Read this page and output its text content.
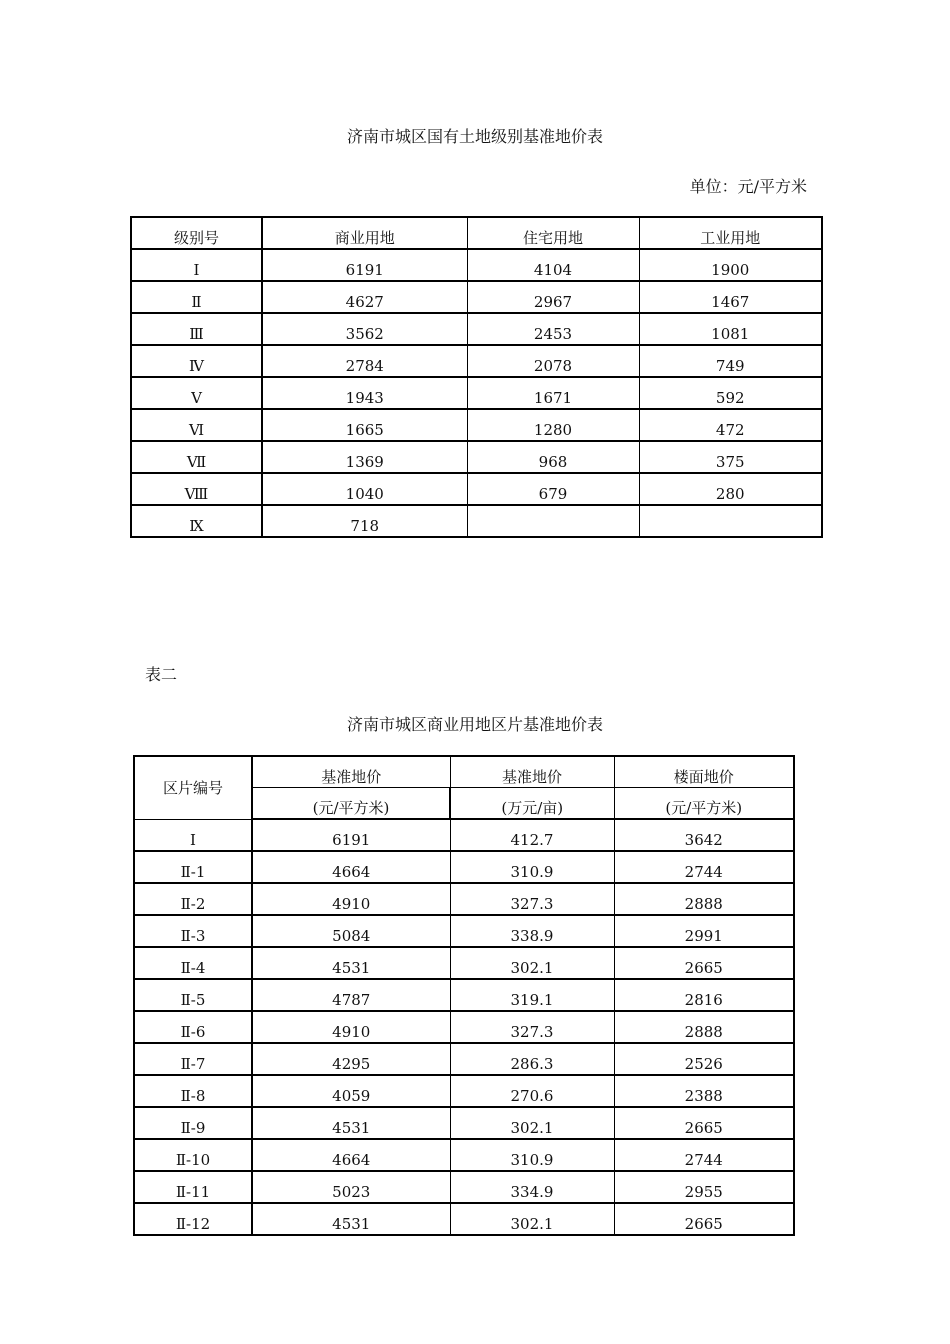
济南市城区国有土地级别基准地价表
单位：元/平方米
级别号	商业用地	住宅用地	工业用地
Ⅰ	6191	4104	1900
Ⅱ	4627	2967	1467
Ⅲ	3562	2453	1081
Ⅳ	2784	2078	749
Ⅴ	1943	1671	592
Ⅵ	1665	1280	472
Ⅶ	1369	968	375
Ⅷ	1040	679	280
Ⅸ	718		
表二
济南市城区商业用地区片基准地价表
区片编号	基准地价	基准地价	楼面地价
	(元/平方米)	(万元/亩)	(元/平方米)
Ⅰ	6191	412.7	3642
Ⅱ-1	4664	310.9	2744
Ⅱ-2	4910	327.3	2888
Ⅱ-3	5084	338.9	2991
Ⅱ-4	4531	302.1	2665
Ⅱ-5	4787	319.1	2816
Ⅱ-6	4910	327.3	2888
Ⅱ-7	4295	286.3	2526
Ⅱ-8	4059	270.6	2388
Ⅱ-9	4531	302.1	2665
Ⅱ-10	4664	310.9	2744
Ⅱ-11	5023	334.9	2955
Ⅱ-12	4531	302.1	2665
